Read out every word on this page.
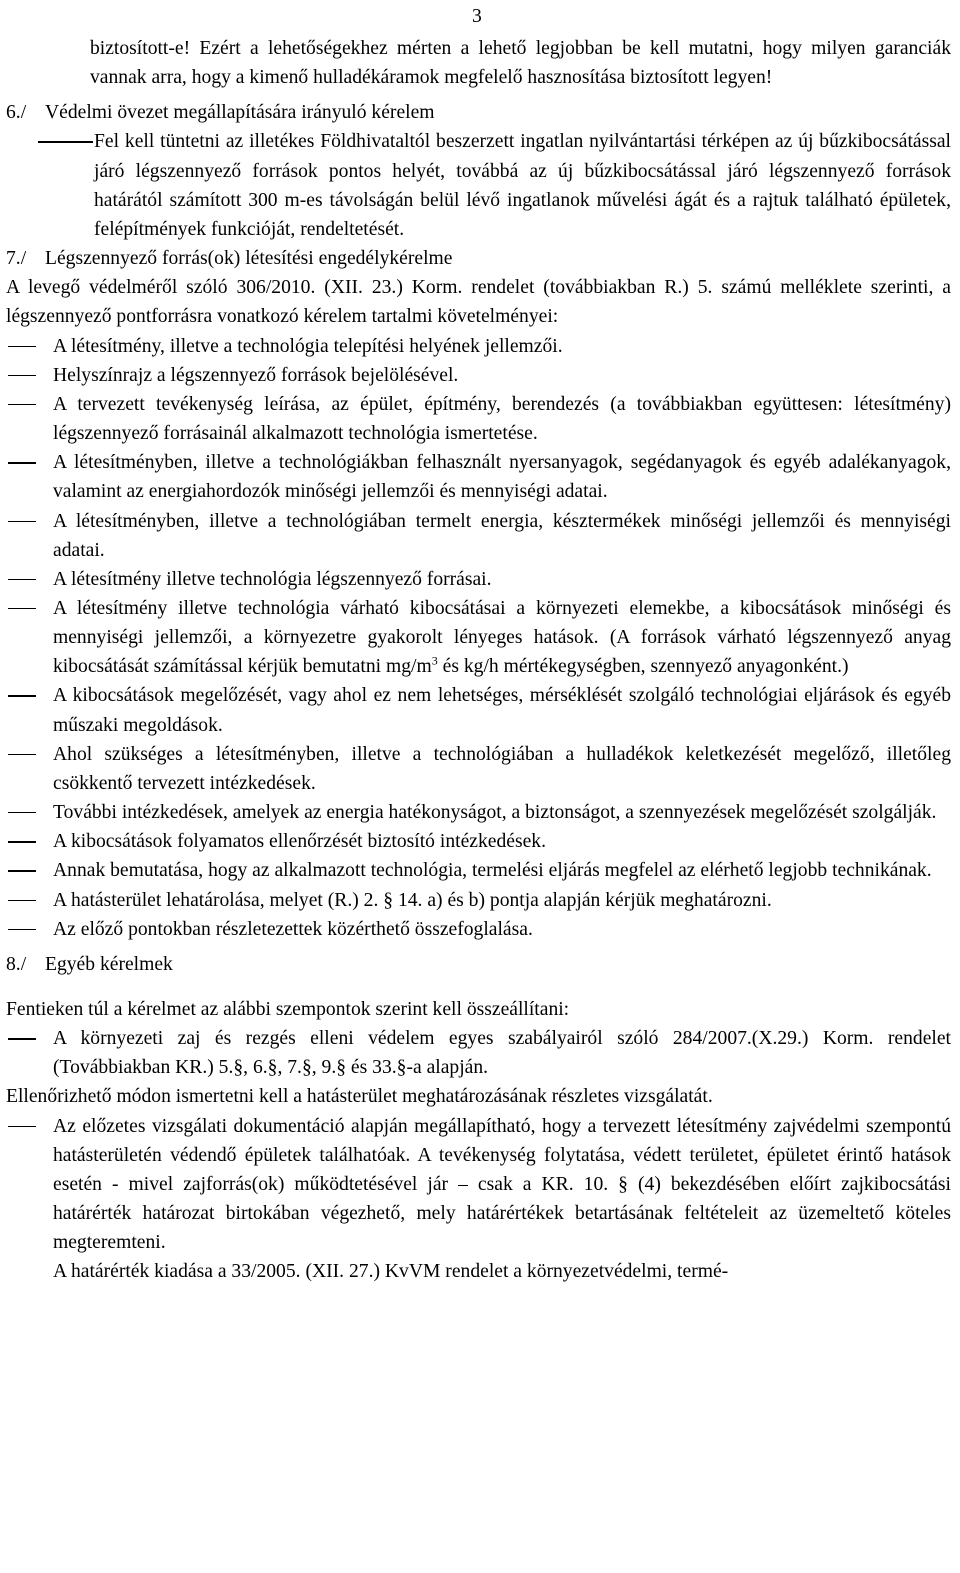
3

biztosított-e! Ezért a lehetőségekhez mérten a lehető legjobban be kell mutatni, hogy milyen garanciák vannak arra, hogy a kimenő hulladékáramok megfelelő hasznosítása biztosított legyen!

6./ Védelmi övezet megállapítására irányuló kérelem
Fel kell tüntetni az illetékes Földhivataltól beszerzett ingatlan nyilvántartási térképen az új bűzkibocsátással járó légszennyező források pontos helyét, továbbá az új bűzkibocsátással járó légszennyező források határától számított 300 m-es távolságán belül lévő ingatlanok művelési ágát és a rajtuk található épületek, felépítmények funkcióját, rendeltetését.
7./ Légszennyező forrás(ok) létesítési engedélykérelme

A levegő védelméről szóló 306/2010. (XII. 23.) Korm. rendelet (továbbiakban R.) 5. számú melléklete szerinti, a légszennyező pontforrásra vonatkozó kérelem tartalmi követelményei:

A létesítmény, illetve a technológia telepítési helyének jellemzői.
Helyszínrajz a légszennyező források bejelölésével.
A tervezett tevékenység leírása, az épület, építmény, berendezés (a továbbiakban együttesen: létesítmény) légszennyező forrásainál alkalmazott technológia ismertetése.
A létesítményben, illetve a technológiákban felhasznált nyersanyagok, segédanyagok és egyéb adalékanyagok, valamint az energiahordozók minőségi jellemzői és mennyiségi adatai.
A létesítményben, illetve a technológiában termelt energia, késztermékek minőségi jellemzői és mennyiségi adatai.
A létesítmény illetve technológia légszennyező forrásai.
A létesítmény illetve technológia várható kibocsátásai a környezeti elemekbe, a kibocsátások minőségi és mennyiségi jellemzői, a környezetre gyakorolt lényeges hatások. (A források várható légszennyező anyag kibocsátását számítással kérjük bemutatni $mg/m^3$ és kg/h mértékegységben, szennyező anyagonként.)
A kibocsátások megelőzését, vagy ahol ez nem lehetséges, mérséklését szolgáló technológiai eljárások és egyéb műszaki megoldások.
Ahol szükséges a létesítményben, illetve a technológiában a hulladékok keletkezését megelőző, illetőleg csökkentő tervezett intézkedések.
További intézkedések, amelyek az energia hatékonyságot, a biztonságot, a szennyezések megelőzését szolgálják.
A kibocsátások folyamatos ellenőrzését biztosító intézkedések.
Annak bemutatása, hogy az alkalmazott technológia, termelési eljárás megfelel az elérhető legjobb technikának.
A hatásterület lehatárolása, melyet (R.) 2. § 14. a) és b) pontja alapján kérjük meghatározni.
Az előző pontokban részletezettek közérthető összefoglalása.
8./ Egyéb kérelmek

Fentieken túl a kérelmet az alábbi szempontok szerint kell összeállítani:

A környezeti zaj és rezgés elleni védelem egyes szabályairól szóló 284/2007.(X.29.) Korm. rendelet (Továbbiakban KR.) 5.§, 6.§, 7.§, 9.§ és 33.§-a alapján.

Ellenőrizhető módon ismertetni kell a hatásterület meghatározásának részletes vizsgálatát.

Az előzetes vizsgálati dokumentáció alapján megállapítható, hogy a tervezett létesítmény zajvédelmi szempontú hatásterületén védendő épületek találhatóak. A tevékenység folytatása, védett területet, épületet érintő hatások esetén - mivel zajforrás(ok) működtetésével jár – csak a KR. 10. § (4) bekezdésében előírt zajkibocsátási határérték határozat birtokában végezhető, mely határértékek betartásának feltételeit az üzemeltető köteles megteremteni.

A határérték kiadása a 33/2005. (XII. 27.) KvVM rendelet a környezetvédelmi, termé-
